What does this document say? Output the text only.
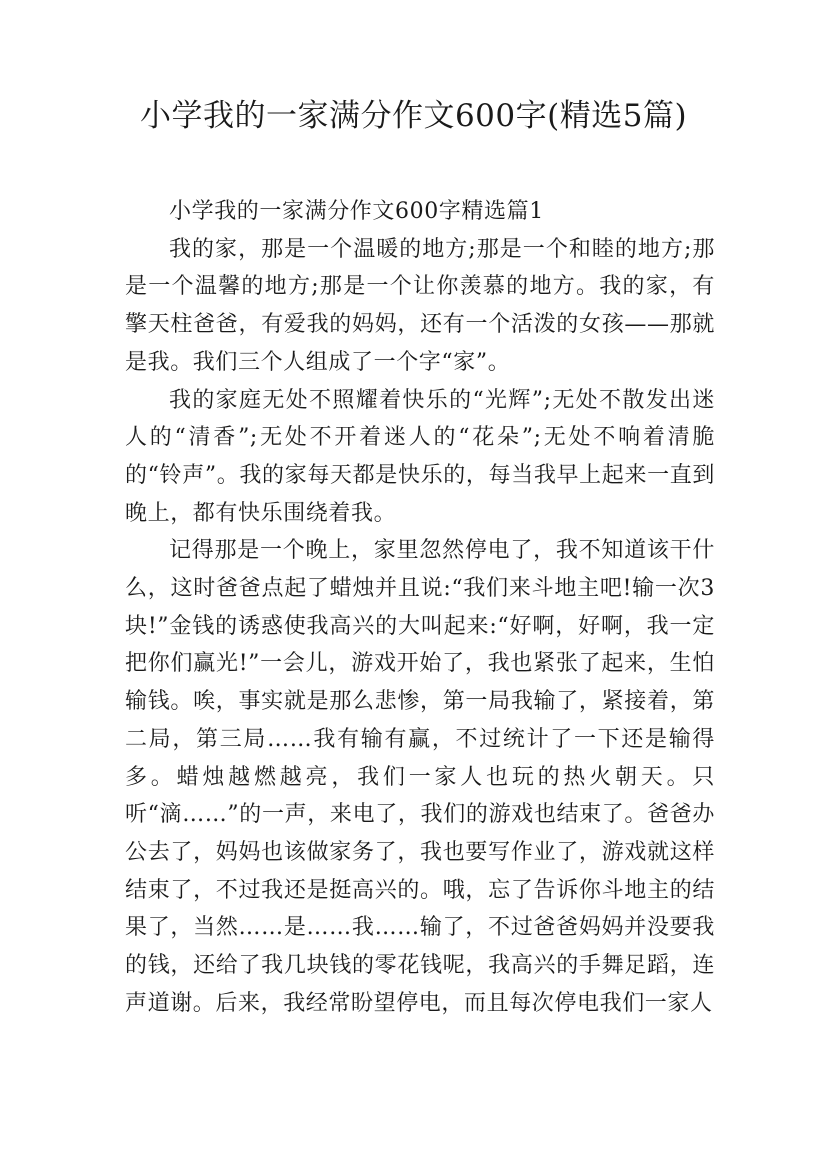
小学我的一家满分作文600字(精选5篇)

小学我的一家满分作文600字精选篇1

我的家，那是一个温暖的地方;那是一个和睦的地方;那是一个温馨的地方;那是一个让你羡慕的地方。我的家，有擎天柱爸爸，有爱我的妈妈，还有一个活泼的女孩——那就是我。我们三个人组成了一个字“家”。

我的家庭无处不照耀着快乐的“光辉”;无处不散发出迷人的“清香”;无处不开着迷人的“花朵”;无处不响着清脆的“铃声”。我的家每天都是快乐的，每当我早上起来一直到晚上，都有快乐围绕着我。

记得那是一个晚上，家里忽然停电了，我不知道该干什么，这时爸爸点起了蜡烛并且说:“我们来斗地主吧!输一次3块!”金钱的诱惑使我高兴的大叫起来:“好啊，好啊，我一定把你们赢光!”一会儿，游戏开始了，我也紧张了起来，生怕输钱。唉，事实就是那么悲惨，第一局我输了，紧接着，第二局，第三局……我有输有赢，不过统计了一下还是输得多。蜡烛越燃越亮，我们一家人也玩的热火朝天。只听“滴……”的一声，来电了，我们的游戏也结束了。爸爸办公去了，妈妈也该做家务了，我也要写作业了，游戏就这样结束了，不过我还是挺高兴的。哦，忘了告诉你斗地主的结果了，当然……是……我……输了，不过爸爸妈妈并没要我的钱，还给了我几块钱的零花钱呢，我高兴的手舞足蹈，连声道谢。后来，我经常盼望停电，而且每次停电我们一家人
